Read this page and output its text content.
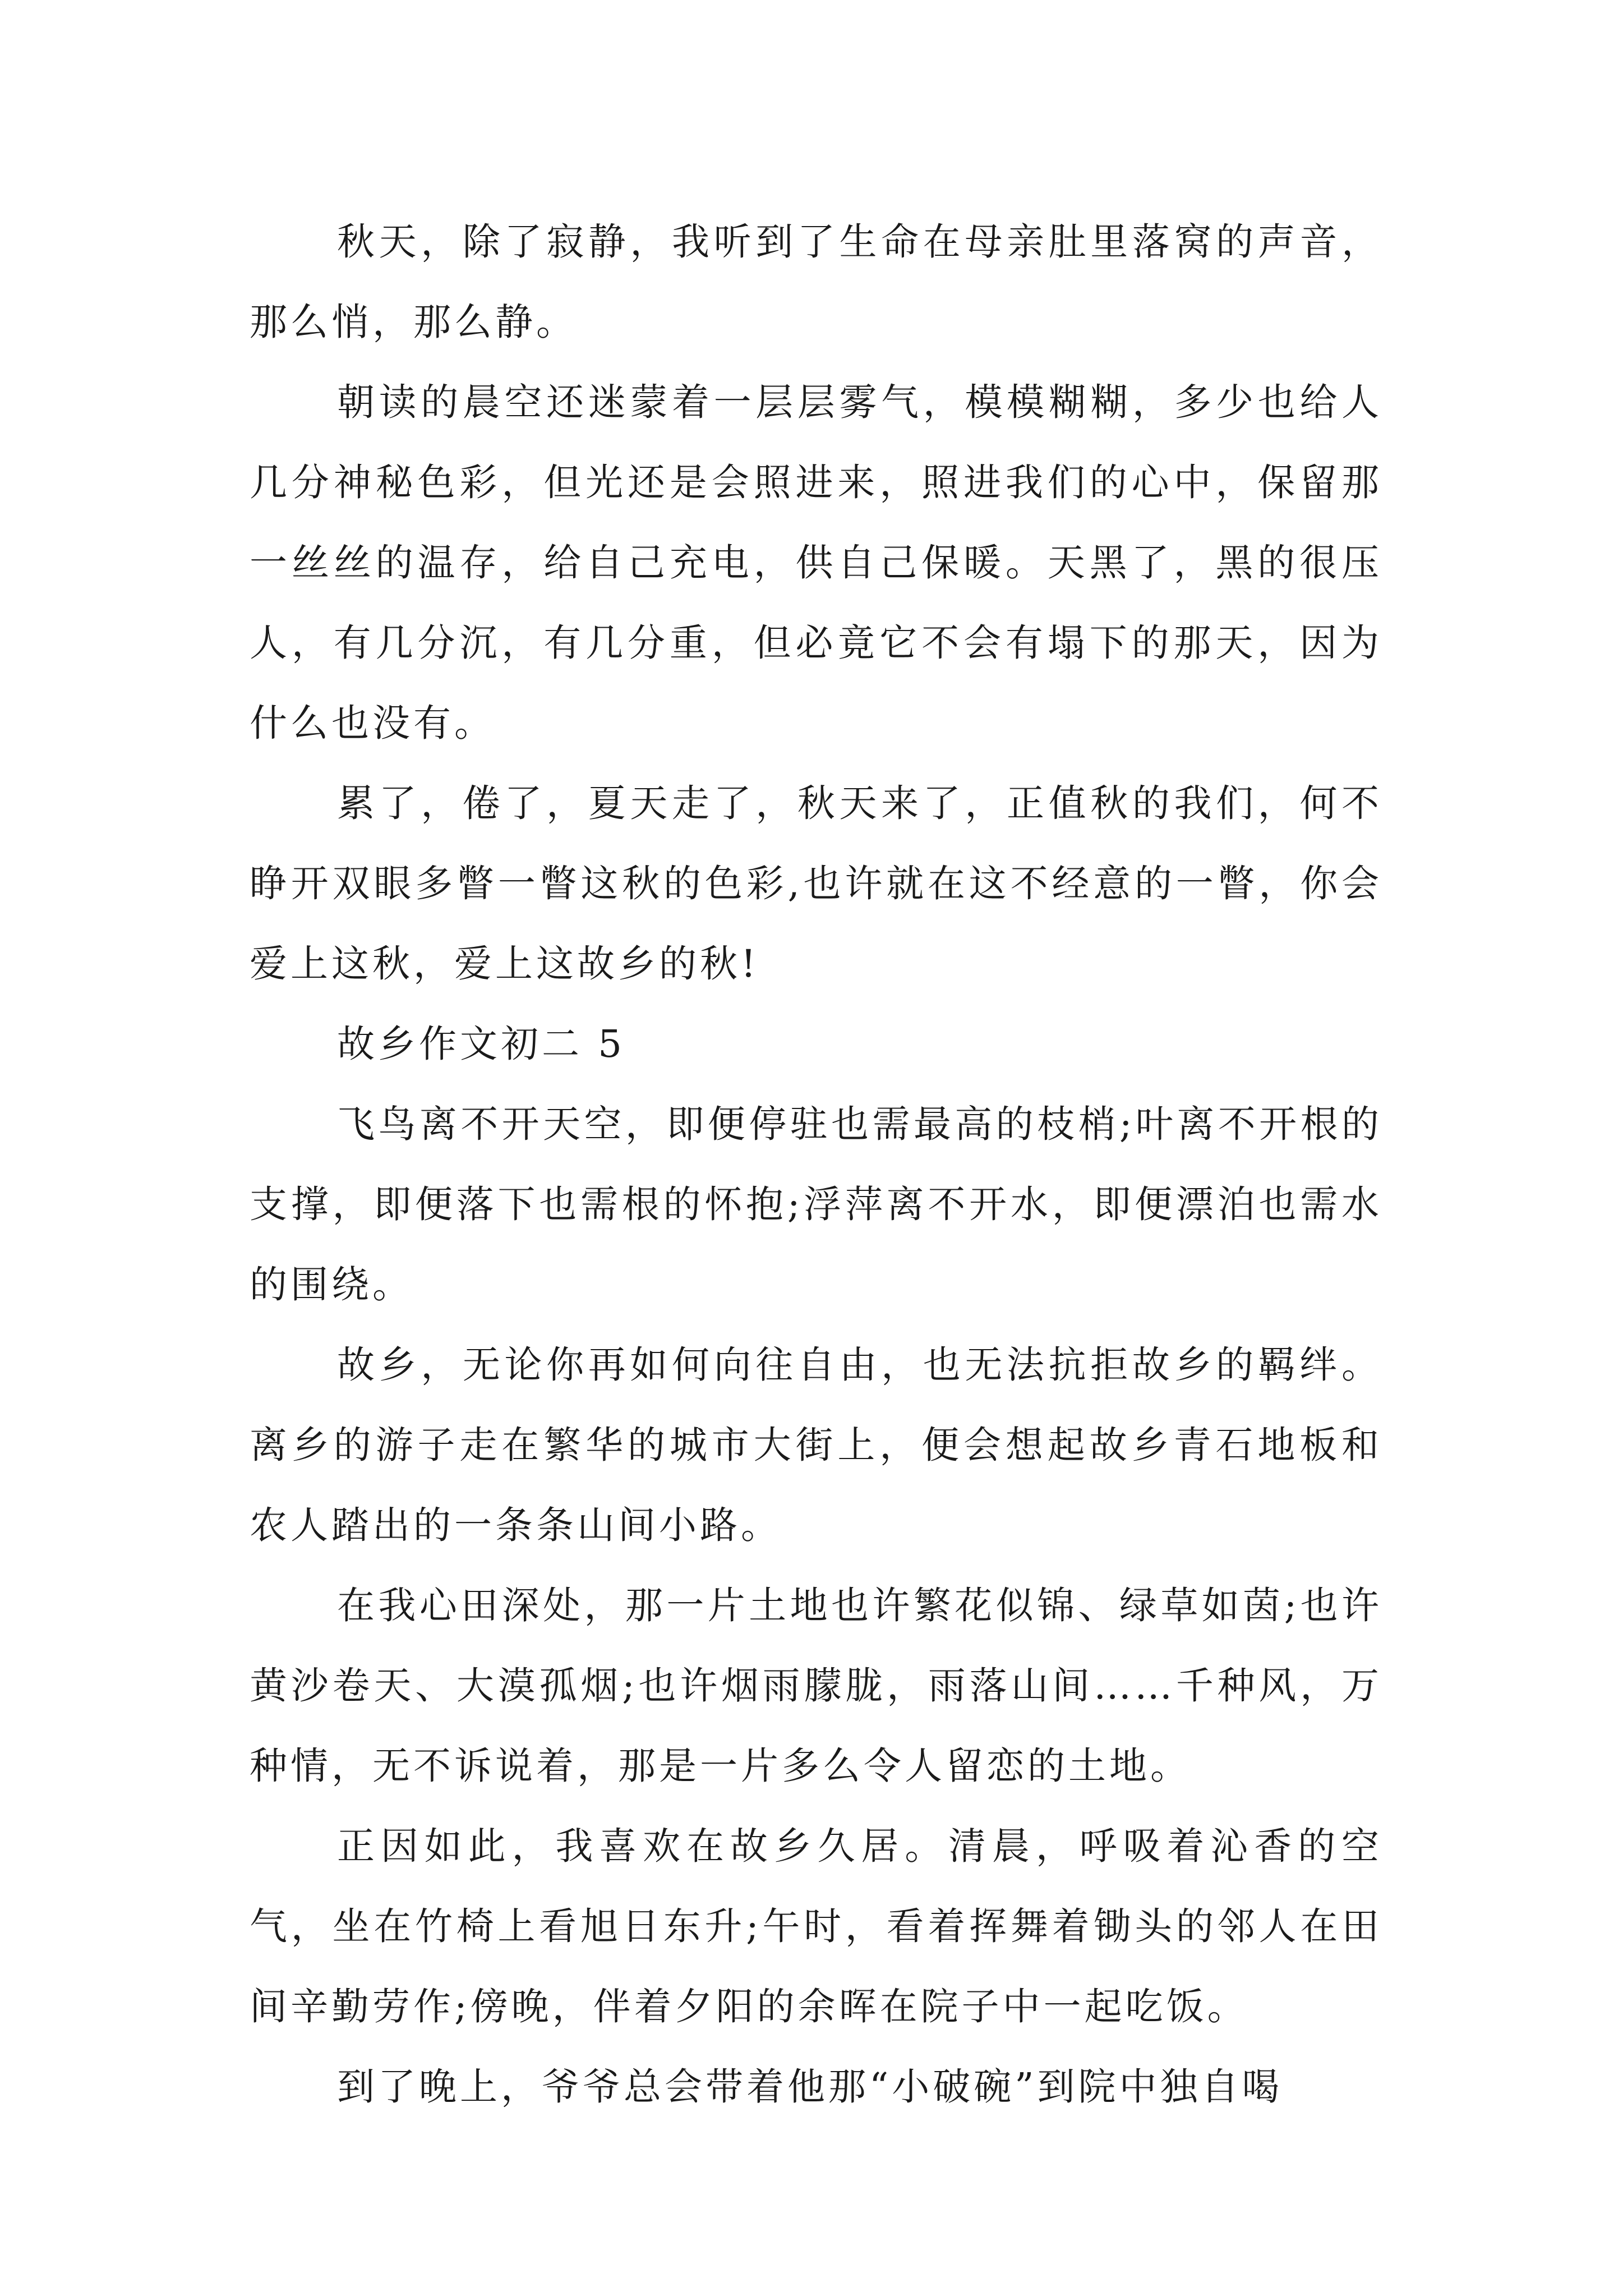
秋天，除了寂静，我听到了生命在母亲肚里落窝的声音，那么悄，那么静。

朝读的晨空还迷蒙着一层层雾气，模模糊糊，多少也给人几分神秘色彩，但光还是会照进来，照进我们的心中，保留那一丝丝的温存，给自己充电，供自己保暖。天黑了，黑的很压人，有几分沉，有几分重，但必竟它不会有塌下的那天，因为什么也没有。

累了，倦了，夏天走了，秋天来了，正值秋的我们，何不睁开双眼多瞥一瞥这秋的色彩,也许就在这不经意的一瞥，你会爱上这秋，爱上这故乡的秋!

故乡作文初二 5

飞鸟离不开天空，即便停驻也需最高的枝梢;叶离不开根的支撑，即便落下也需根的怀抱;浮萍离不开水，即便漂泊也需水的围绕。

故乡，无论你再如何向往自由，也无法抗拒故乡的羁绊。离乡的游子走在繁华的城市大街上，便会想起故乡青石地板和农人踏出的一条条山间小路。

在我心田深处，那一片土地也许繁花似锦、绿草如茵;也许黄沙卷天、大漠孤烟;也许烟雨朦胧，雨落山间……千种风，万种情，无不诉说着，那是一片多么令人留恋的土地。

正因如此，我喜欢在故乡久居。清晨，呼吸着沁香的空气，坐在竹椅上看旭日东升;午时，看着挥舞着锄头的邻人在田间辛勤劳作;傍晚，伴着夕阳的余晖在院子中一起吃饭。

到了晚上，爷爷总会带着他那“小破碗”到院中独自喝
